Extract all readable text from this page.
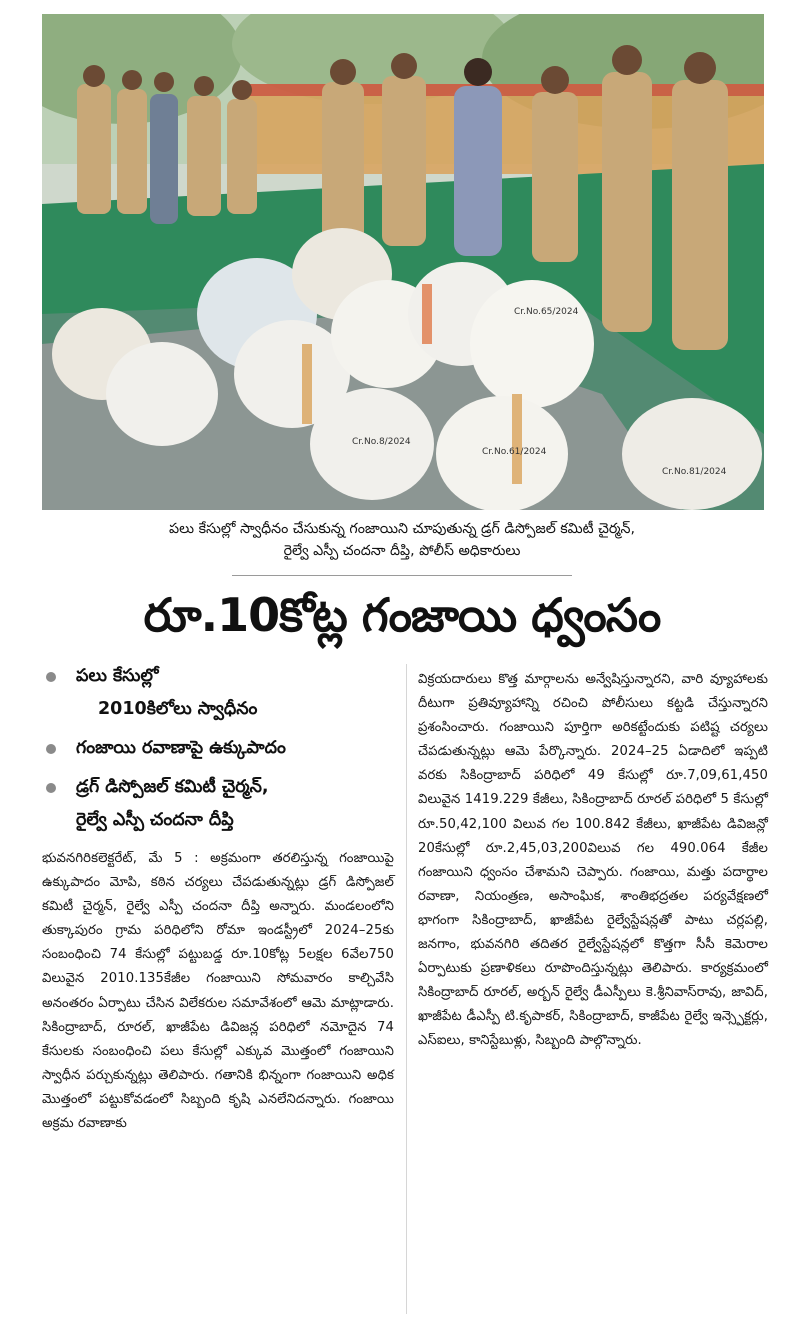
Cr.No.65/2024
Cr.No.8/2024
Cr.No.61/2024
Cr.No.81/2024
పలు కేసుల్లో స్వాధీనం చేసుకున్న గంజాయిని చూపుతున్న డ్రగ్ డిస్పోజల్ కమిటీ చైర్మన్,
రైల్వే ఎస్పీ చందనా దీప్తి, పోలీస్ అధికారులు
రూ.10కోట్ల గంజాయి ధ్వంసం
పలు కేసుల్లో
2010కిలోలు స్వాధీనం
గంజాయి రవాణాపై ఉక్కుపాదం
డ్రగ్ డిస్పోజల్ కమిటీ చైర్మన్,
రైల్వే ఎస్పీ చందనా దీప్తి
భువనగిరికలెక్టరేట్, మే 5 : అక్రమంగా తరలిస్తున్న గంజాయిపై ఉక్కుపాదం మోపి, కఠిన చర్యలు చేపడుతున్నట్లు డ్రగ్ డిస్పోజల్ కమిటీ చైర్మన్, రైల్వే ఎస్పీ చందనా దీప్తి అన్నారు. మండలంలోని తుక్కాపురం గ్రామ పరిధిలోని రోమా ఇండస్ట్రీలో 2024–25కు సంబంధించి 74 కేసుల్లో పట్టుబడ్డ రూ.10కోట్ల 5లక్షల 6వేల750 విలువైన 2010.135కేజీల గంజాయిని సోమవారం కాల్చివేసి అనంతరం ఏర్పాటు చేసిన విలేకరుల సమావేశంలో ఆమె మాట్లాడారు. సికింద్రాబాద్, రూరల్, ఖాజీపేట డివిజన్ల పరిధిలో నమోదైన 74 కేసులకు సంబంధించి పలు కేసుల్లో ఎక్కువ మొత్తంలో గంజాయిని స్వాధీన పర్చుకున్నట్లు తెలిపారు. గతానికి భిన్నంగా గంజాయిని అధిక మొత్తంలో పట్టుకోవడంలో సిబ్బంది కృషి ఎనలేనిదన్నారు. గంజాయి అక్రమ రవాణాకు
విక్రయదారులు కొత్త మార్గాలను అన్వేషిస్తున్నారని, వారి వ్యూహాలకు దీటుగా ప్రతివ్యూహాన్ని రచించి పోలీసులు కట్టడి చేస్తున్నారని ప్రశంసించారు. గంజాయిని పూర్తిగా అరికట్టేందుకు పటిష్ట చర్యలు చేపడుతున్నట్లు ఆమె పేర్కొన్నారు. 2024–25 ఏడాదిలో ఇప్పటి వరకు సికింద్రాబాద్ పరిధిలో 49 కేసుల్లో రూ.7,09,61,450 విలువైన 1419.229 కేజీలు, సికింద్రాబాద్ రూరల్ పరిధిలో 5 కేసుల్లో రూ.50,42,100 విలువ గల 100.842 కేజీలు, ఖాజీపేట డివిజన్లో 20కేసుల్లో రూ.2,45,03,200విలువ గల 490.064 కేజీల గంజాయిని ధ్వంసం చేశామని చెప్పారు. గంజాయి, మత్తు పదార్థాల రవాణా, నియంత్రణ, అసాంఘిక, శాంతిభద్రతల పర్యవేక్షణలో భాగంగా సికింద్రాబాద్, ఖాజీపేట రైల్వేస్టేషన్లతో పాటు చర్లపల్లి, జనగాం, భువనగిరి తదితర రైల్వేస్టేషన్లలో కొత్తగా సీసీ కెమెరాల ఏర్పాటుకు ప్రణాళికలు రూపొందిస్తున్నట్లు తెలిపారు. కార్యక్రమంలో సికింద్రాబాద్ రూరల్, అర్బన్ రైల్వే డీఎస్పీలు కె.శ్రీనివాస్‌రావు, జావిద్, ఖాజీపేట డీఎస్పీ టి.కృపాకర్, సికింద్రాబాద్, కాజీపేట రైల్వే ఇన్స్పెక్టర్లు, ఎస్‌ఐలు, కానిస్టేబుళ్లు, సిబ్బంది పాల్గొన్నారు.
